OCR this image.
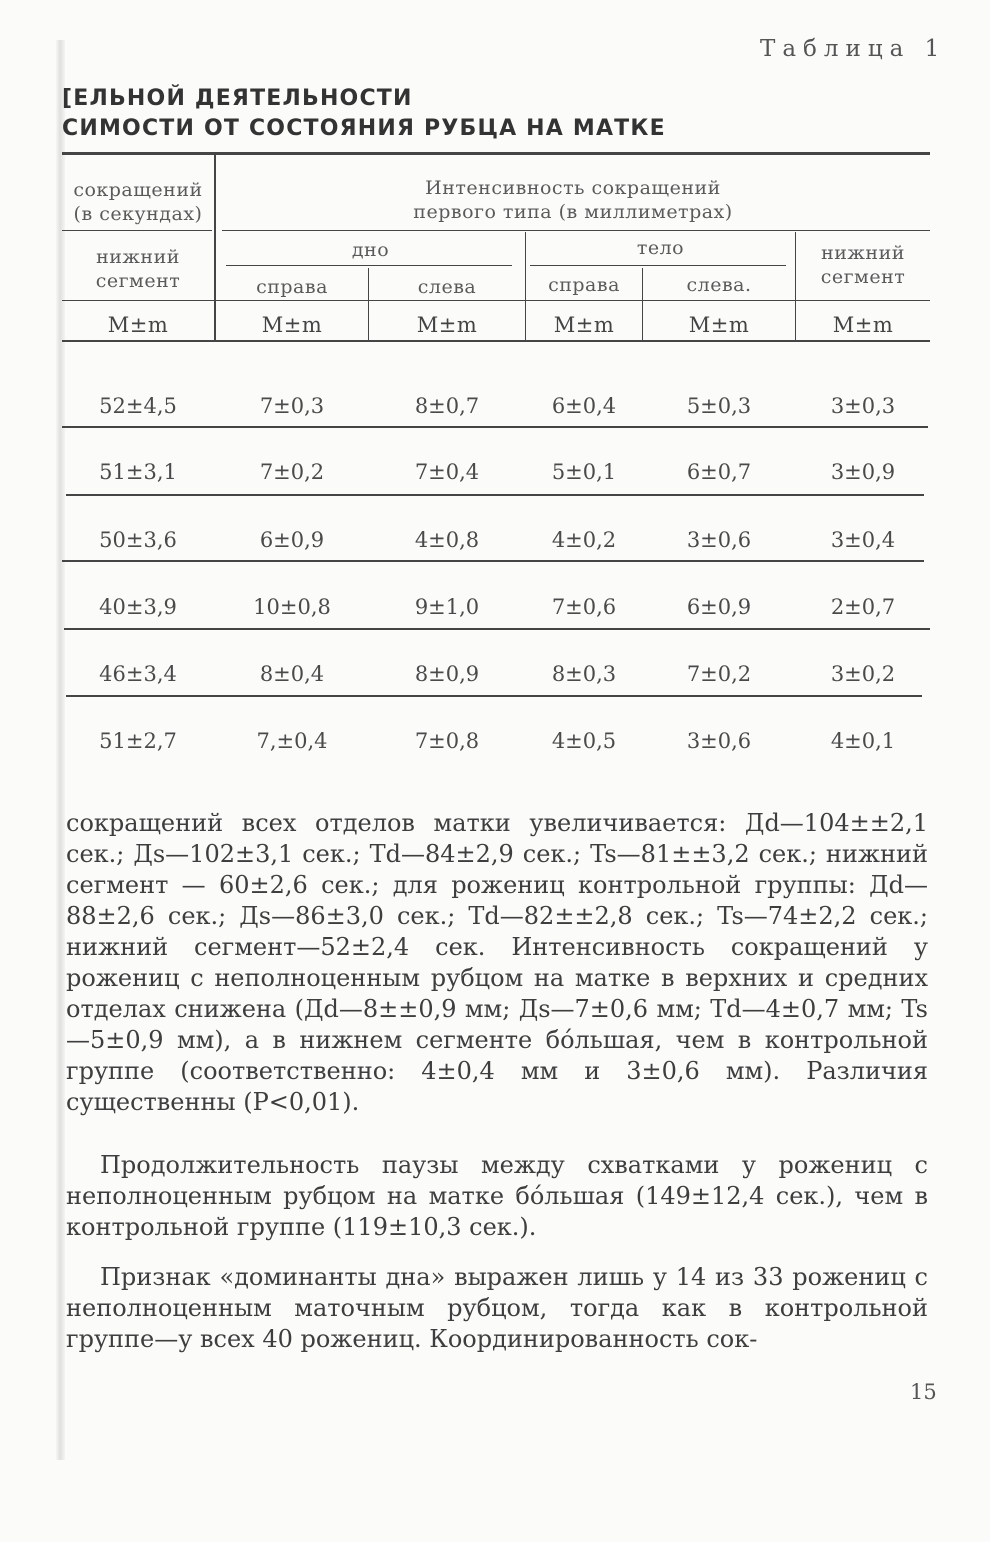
Таблица 1
[ЕЛЬНОЙ ДЕЯТЕЛЬНОСТИ
СИМОСТИ ОТ СОСТОЯНИЯ РУБЦА НА МАТКЕ
сокращений
(в секундах)
нижний
сегмент
Интенсивность сокращений
первого типа (в миллиметрах)
дно	тело	нижний
сегмент
справа	слева	справа	слева.
M±m	M±m	M±m	M±m	M±m	M±m
52±4,5	7±0,3	8±0,7	6±0,4	5±0,3	3±0,3
51±3,1	7±0,2	7±0,4	5±0,1	6±0,7	3±0,9
50±3,6	6±0,9	4±0,8	4±0,2	3±0,6	3±0,4
40±3,9	10±0,8	9±1,0	7±0,6	6±0,9	2±0,7
46±3,4	8±0,4	8±0,9	8±0,3	7±0,2	3±0,2
51±2,7	7,±0,4	7±0,8	4±0,5	3±0,6	4±0,1

сокращений всех отделов матки увеличивается: Дd—104±±2,1 сек.; Дs—102±3,1 сек.; Td—84±2,9 сек.; Ts—81±±3,2 сек.; нижний сегмент — 60±2,6 сек.; для рожениц контрольной группы: Дd—88±2,6 сек.; Дs—86±3,0 сек.; Td—82±±2,8 сек.; Ts—74±2,2 сек.; нижний сегмент—52±2,4 сек. Интенсивность сокращений у рожениц с неполноценным рубцом на матке в верхних и средних отделах снижена (Дd—8±±0,9 мм; Дs—7±0,6 мм; Td—4±0,7 мм; Ts—5±0,9 мм), а в нижнем сегменте бо́льшая, чем в контрольной группе (соответственно: 4±0,4 мм и 3±0,6 мм). Различия существенны (P<0,01).

Продолжительность паузы между схватками у рожениц с неполноценным рубцом на матке бо́льшая (149±12,4 сек.), чем в контрольной группе (119±10,3 сек.).

Признак «доминанты дна» выражен лишь у 14 из 33 рожениц с неполноценным маточным рубцом, тогда как в контрольной группе—у всех 40 рожениц. Координированность сок-

15
